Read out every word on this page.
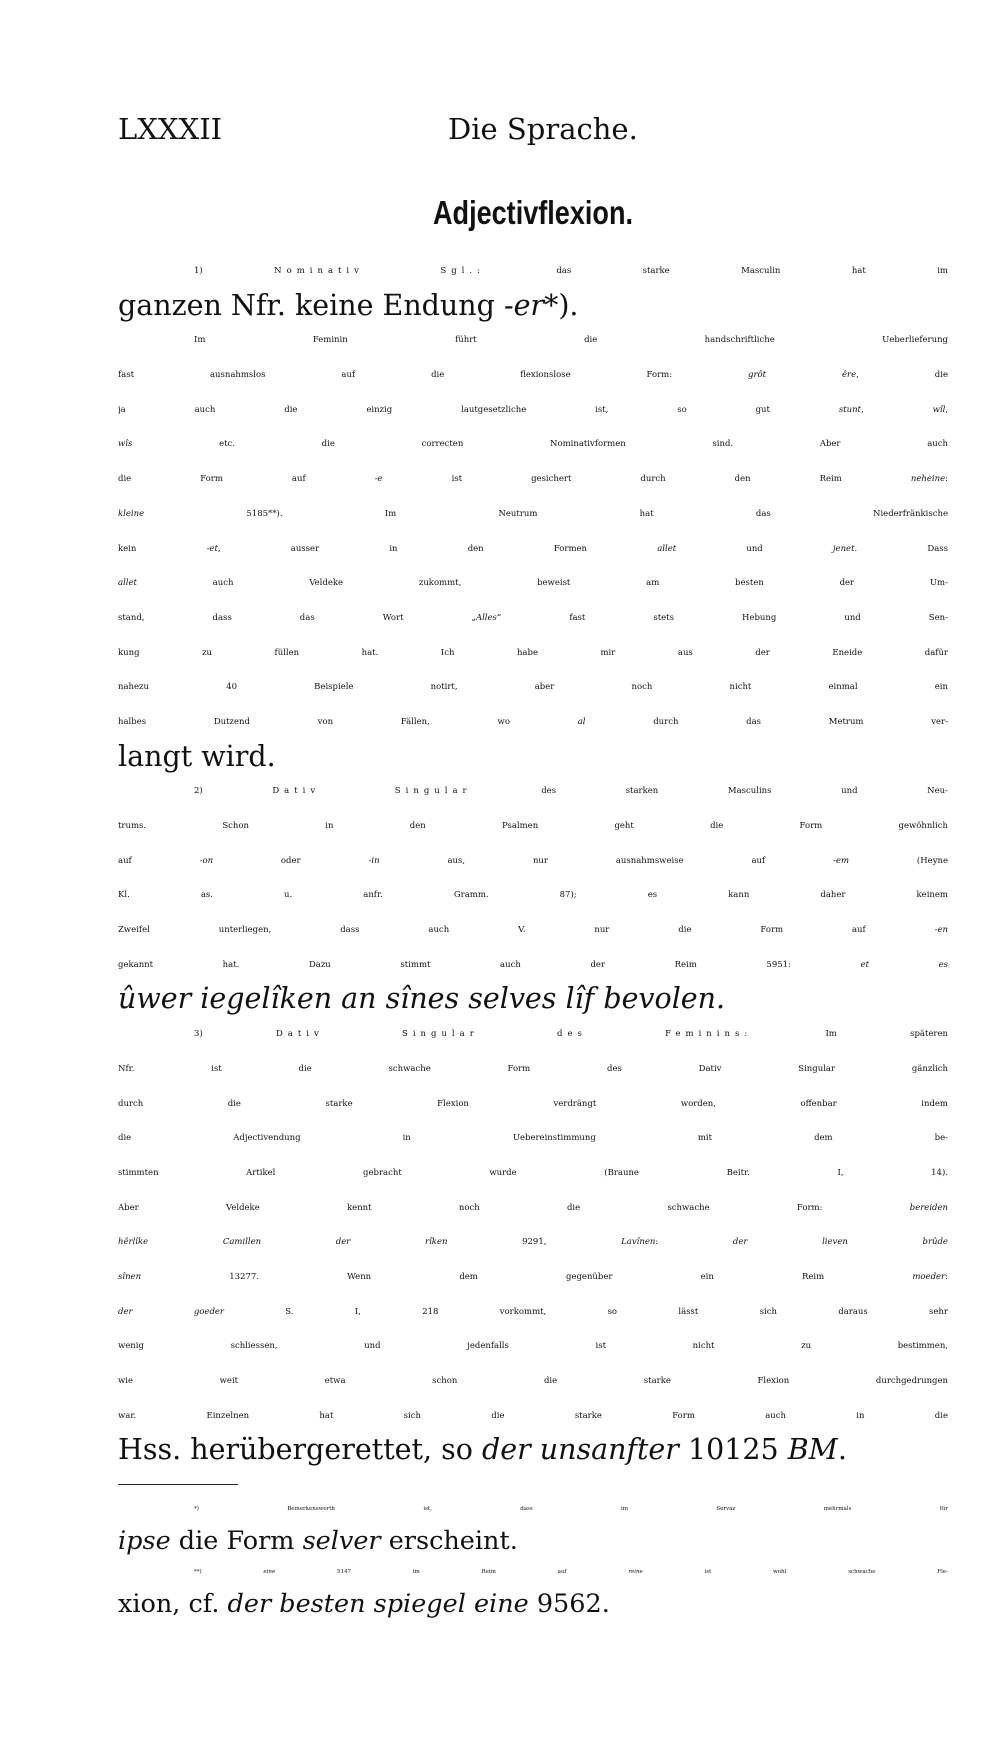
LXXXII	Die Sprache.
Adjectivflexion.
1) Nominativ Sgl.: das starke Masculin hat im
ganzen Nfr. keine Endung -er*).
Im Feminin führt die handschriftliche Ueberlieferung
fast ausnahmslos auf die flexionslose Form: grôt êre, die
ja auch die einzig lautgesetzliche ist, so gut stunt, wîl,
wîs etc. die correcten Nominativformen sind. Aber auch
die Form auf -e ist gesichert durch den Reim neheine:
kleine 5185**). Im Neutrum hat das Niederfränkische
kein -et, ausser in den Formen allet und jenet. Dass
allet auch Veldeke zukommt, beweist am besten der Um-
stand, dass das Wort „Alles“ fast stets Hebung und Sen-
kung zu füllen hat. Ich habe mir aus der Eneide dafür
nahezu 40 Beispiele notirt, aber noch nicht einmal ein
halbes Dutzend von Fällen, wo al durch das Metrum ver-
langt wird.
2) Dativ Singular des starken Masculins und Neu-
trums. Schon in den Psalmen geht die Form gewöhnlich
auf -on oder -in aus, nur ausnahmsweise auf -em (Heyne
Kl. as. u. anfr. Gramm. 87); es kann daher keinem
Zweifel unterliegen, dass auch V. nur die Form auf -en
gekannt hat. Dazu stimmt auch der Reim 5951: et es
ûwer iegelîken an sînes selves lîf bevolen.
3) Dativ Singular des Feminins: Im späteren
Nfr. ist die schwache Form des Dativ Singular gänzlich
durch die starke Flexion verdrängt worden, offenbar indem
die Adjectivendung in Uebereinstimmung mit dem be-
stimmten Artikel gebracht wurde (Braune Beitr. I, 14).
Aber Veldeke kennt noch die schwache Form: bereiden
hêrlîke Camillen der rîken 9291, Lavînen: der lieven brûde
sînen 13277. Wenn dem gegenüber ein Reim moeder:
der goeder S. I, 218 vorkommt, so lässt sich daraus sehr
wenig schliessen, und jedenfalls ist nicht zu bestimmen,
wie weit etwa schon die starke Flexion durchgedrungen
war. Einzelnen hat sich die starke Form auch in die
Hss. herübergerettet, so der unsanfter 10125 BM.
*) Bemerkenswerth ist, dass im Servaz mehrmals für
ipse die Form selver erscheint.
**) eine 5147 im Reim auf reine ist wohl schwache Fle-
xion, cf. der besten spiegel eine 9562.
